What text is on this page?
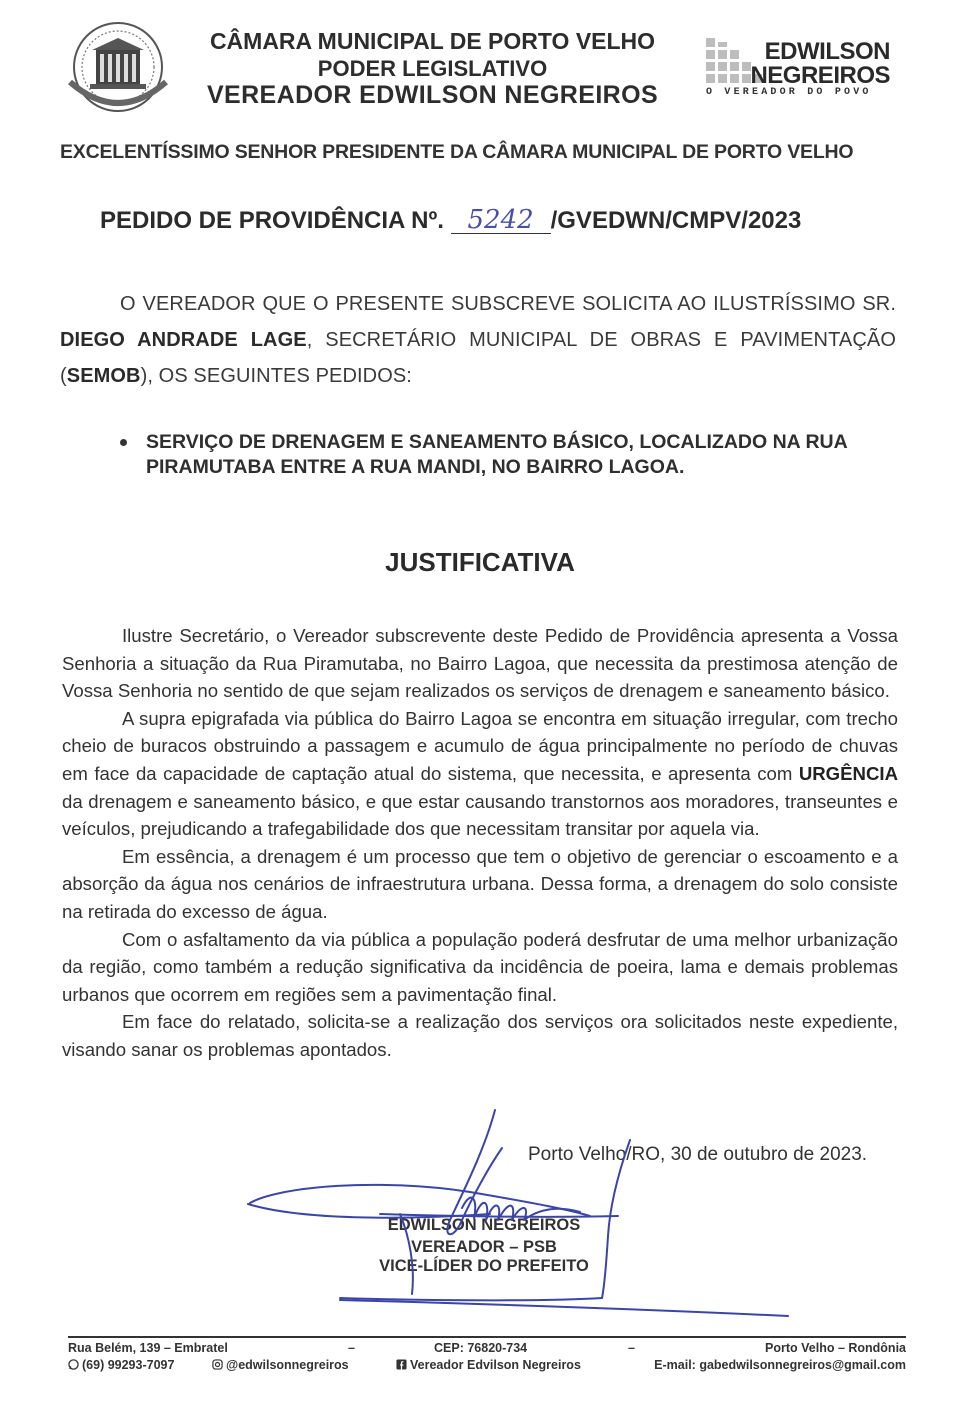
CÂMARA MUNICIPAL DE PORTO VELHO
PODER LEGISLATIVO
VEREADOR EDWILSON NEGREIROS
EDWILSON
NEGREIROS
O VEREADOR DO POVO
EXCELENTÍSSIMO SENHOR PRESIDENTE DA CÂMARA MUNICIPAL DE PORTO VELHO
PEDIDO DE PROVIDÊNCIA Nº. 5242 /GVEDWN/CMPV/2023
O VEREADOR QUE O PRESENTE SUBSCREVE SOLICITA AO ILUSTRÍSSIMO SR. DIEGO ANDRADE LAGE, SECRETÁRIO MUNICIPAL DE OBRAS E PAVIMENTAÇÃO (SEMOB), OS SEGUINTES PEDIDOS:
SERVIÇO DE DRENAGEM E SANEAMENTO BÁSICO, LOCALIZADO NA RUA PIRAMUTABA ENTRE A RUA MANDI, NO BAIRRO LAGOA.
JUSTIFICATIVA

Ilustre Secretário, o Vereador subscrevente deste Pedido de Providência apresenta a Vossa Senhoria a situação da Rua Piramutaba, no Bairro Lagoa, que necessita da prestimosa atenção de Vossa Senhoria no sentido de que sejam realizados os serviços de drenagem e saneamento básico.

A supra epigrafada via pública do Bairro Lagoa se encontra em situação irregular, com trecho cheio de buracos obstruindo a passagem e acumulo de água principalmente no período de chuvas em face da capacidade de captação atual do sistema, que necessita, e apresenta com URGÊNCIA da drenagem e saneamento básico, e que estar causando transtornos aos moradores, transeuntes e veículos, prejudicando a trafegabilidade dos que necessitam transitar por aquela via.

Em essência, a drenagem é um processo que tem o objetivo de gerenciar o escoamento e a absorção da água nos cenários de infraestrutura urbana. Dessa forma, a drenagem do solo consiste na retirada do excesso de água.

Com o asfaltamento da via pública a população poderá desfrutar de uma melhor urbanização da região, como também a redução significativa da incidência de poeira, lama e demais problemas urbanos que ocorrem em regiões sem a pavimentação final.

Em face do relatado, solicita-se a realização dos serviços ora solicitados neste expediente, visando sanar os problemas apontados.

Porto Velho/RO, 30 de outubro de 2023.
EDWILSON NEGREIROS
VEREADOR – PSB
VICE-LÍDER DO PREFEITO
Rua Belém, 139 – Embratel	–	CEP: 76820-734	–	Porto Velho – Rondônia
(69) 99293-7097	@edwilsonnegreiros	Vereador Edvilson Negreiros	E-mail: gabedwilsonnegreiros@gmail.com
